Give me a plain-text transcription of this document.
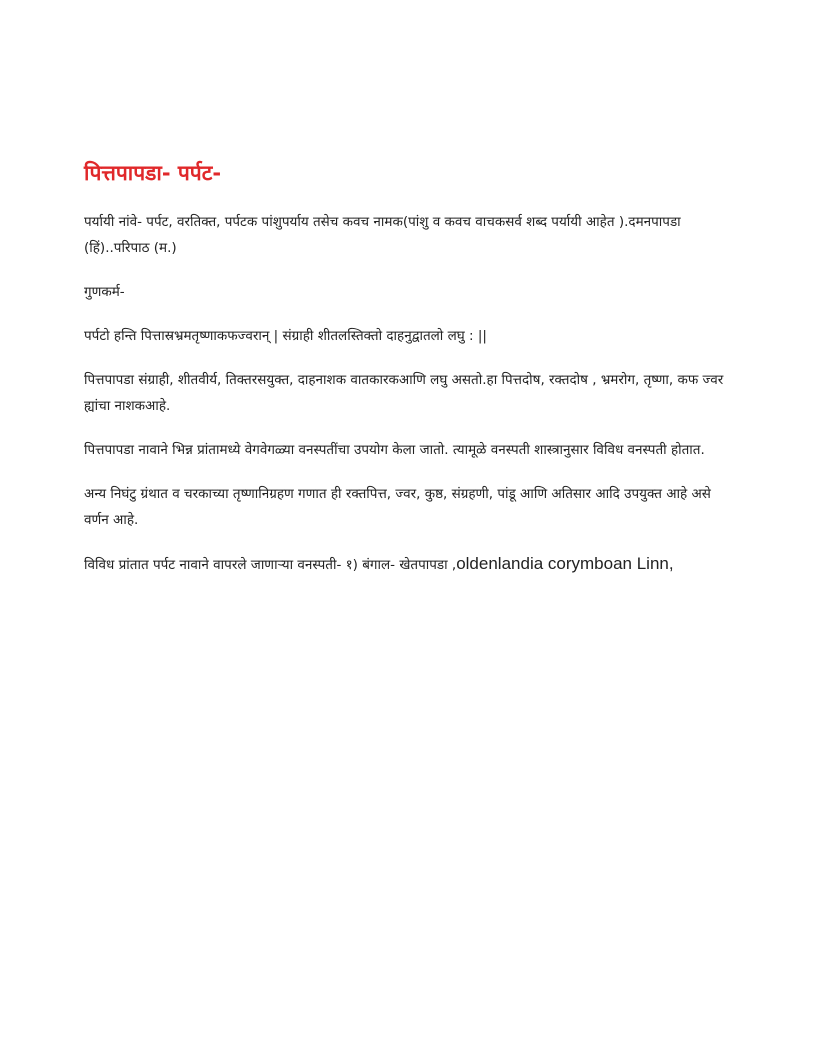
पित्तपापडा- पर्पट-

पर्यायी नांवे- पर्पट, वरतिक्त, पर्पटक पांशुपर्याय तसेच कवच नामक(पांशु व कवच वाचकसर्व शब्द पर्यायी आहेत ).दमनपापडा (हिं)..परिपाठ (म.)

गुणकर्म-

पर्पटो हन्ति पित्तास्रभ्रमतृष्णाकफज्वरान् | संग्राही शीतलस्तिक्तो दाहनुद्वातलो लघु : ||

पित्तपापडा संग्राही, शीतवीर्य, तिक्तरसयुक्त, दाहनाशक वातकारकआणि लघु असतो.हा पित्तदोष, रक्तदोष , भ्रमरोग, तृष्णा, कफ ज्वर ह्यांचा नाशकआहे.

पित्तपापडा नावाने भिन्न प्रांतामध्ये वेगवेगळ्या वनस्पतींचा उपयोग केला जातो. त्यामूळे वनस्पती शास्त्रानुसार विविध वनस्पती होतात.

अन्य निघंटु ग्रंथात व चरकाच्या तृष्णानिग्रहण गणात ही रक्तपित्त, ज्वर, कुष्ठ, संग्रहणी, पांडू आणि अतिसार आदि उपयुक्त आहे असे वर्णन आहे.

विविध प्रांतात पर्पट नावाने वापरले जाणाऱ्या वनस्पती- १) बंगाल- खेतपापडा ,oldenlandia corymboan Linn,
